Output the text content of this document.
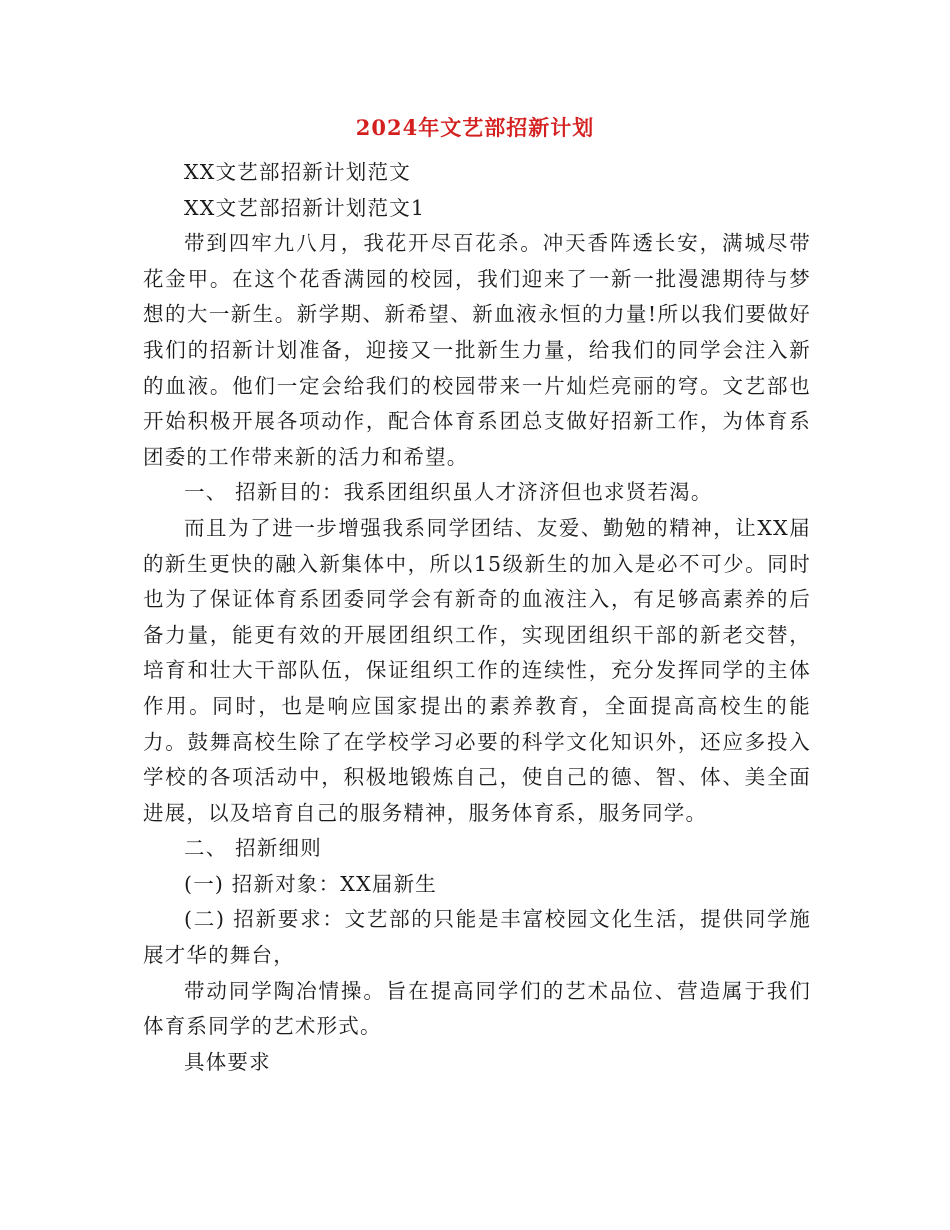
2024年文艺部招新计划

XX文艺部招新计划范文

XX文艺部招新计划范文1

带到四牢九八月，我花开尽百花杀。冲天香阵透长安，满城尽带花金甲。在这个花香满园的校园，我们迎来了一新一批漫漶期待与梦想的大一新生。新学期、新希望、新血液永恒的力量!所以我们要做好我们的招新计划准备，迎接又一批新生力量，给我们的同学会注入新的血液。他们一定会给我们的校园带来一片灿烂亮丽的穹。文艺部也开始积极开展各项动作，配合体育系团总支做好招新工作，为体育系团委的工作带来新的活力和希望。

一、 招新目的：我系团组织虽人才济济但也求贤若渴。

而且为了进一步增强我系同学团结、友爱、勤勉的精神，让XX届的新生更快的融入新集体中，所以15级新生的加入是必不可少。同时也为了保证体育系团委同学会有新奇的血液注入，有足够高素养的后备力量，能更有效的开展团组织工作，实现团组织干部的新老交替，培育和壮大干部队伍，保证组织工作的连续性，充分发挥同学的主体作用。同时，也是响应国家提出的素养教育，全面提高高校生的能力。鼓舞高校生除了在学校学习必要的科学文化知识外，还应多投入学校的各项活动中，积极地锻炼自己，使自己的德、智、体、美全面进展，以及培育自己的服务精神，服务体育系，服务同学。

二、 招新细则

(一) 招新对象：XX届新生

(二) 招新要求：文艺部的只能是丰富校园文化生活，提供同学施展才华的舞台，

带动同学陶冶情操。旨在提高同学们的艺术品位、营造属于我们体育系同学的艺术形式。

具体要求
